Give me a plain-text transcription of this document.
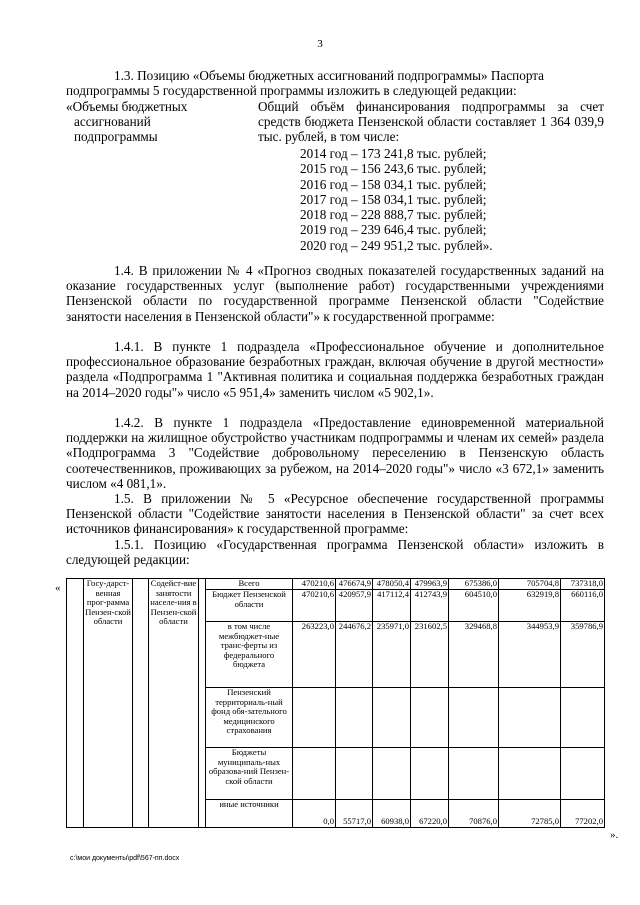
3
1.3. Позицию «Объемы бюджетных ассигнований подпрограммы» Паспорта
подпрограммы 5 государственной программы изложить в следующей редакции:
«Объемы бюджетных
ассигнований
подпрограммы
Общий объём финансирования подпрограммы за счет средств бюджета Пензенской области составляет 1 364 039,9 тыс. рублей, в том числе:
2014 год – 173 241,8 тыс. рублей;
2015 год – 156 243,6 тыс. рублей;
2016 год – 158 034,1 тыс. рублей;
2017 год – 158 034,1 тыс. рублей;
2018 год – 228 888,7 тыс. рублей;
2019 год – 239 646,4 тыс. рублей;
2020 год – 249 951,2 тыс. рублей».
1.4. В приложении № 4 «Прогноз сводных показателей государственных заданий на оказание государственных услуг (выполнение работ) государственными учреждениями Пензенской области по государственной программе Пензенской области "Содействие занятости населения в Пензенской области"» к государственной программе:
1.4.1. В пункте 1 подраздела «Профессиональное обучение и дополнительное профессиональное образование безработных граждан, включая обучение в другой местности» раздела «Подпрограмма 1 "Активная политика и социальная поддержка безработных граждан на 2014–2020 годы"» число «5 951,4» заменить числом «5 902,1».
1.4.2. В пункте 1 подраздела «Предоставление единовременной материальной поддержки на жилищное обустройство участникам подпрограммы и членам их семей» раздела «Подпрограмма 3 "Содействие добровольному переселению в Пензенскую область соотечественников, проживающих за рубежом, на 2014–2020 годы"» число «3 672,1» заменить числом «4 081,1».
1.5. В приложении № 5 «Ресурсное обеспечение государственной программы Пензенской области "Содействие занятости населения в Пензенской области" за счет всех источников финансирования» к государственной программе:
1.5.1. Позицию «Государственная программа Пензенской области» изложить в следующей редакции:
«
		Госу-дарст-венная прог-рамма Пензен-ской области		Содейст-вие занятости населе-ния в Пензен-ской области		Всего	470210,6	476674,9	478050,4	479963,9	675386,0	705704,8	737318,0
					Бюджет Пензенской области	470210,6	420957,9	417112,4	412743,9	604510,0	632919,8	660116,0
					в том числе межбюджет-ные транс-ферты из федерального бюджета	263223,0	244676,2	235971,0	231602,5	329468,8	344953,9	359786,9
					Пензенский территориаль-ный фонд обя-зательного медицинского страхования							
					Бюджеты муниципаль-ных образова-ний Пензен-ской области							
					иные источники	0,0	55717,0	60938,0	67220,0	70876,0	72785,0	77202,0
».
c:\мои документы\pdf\567-пп.docx
